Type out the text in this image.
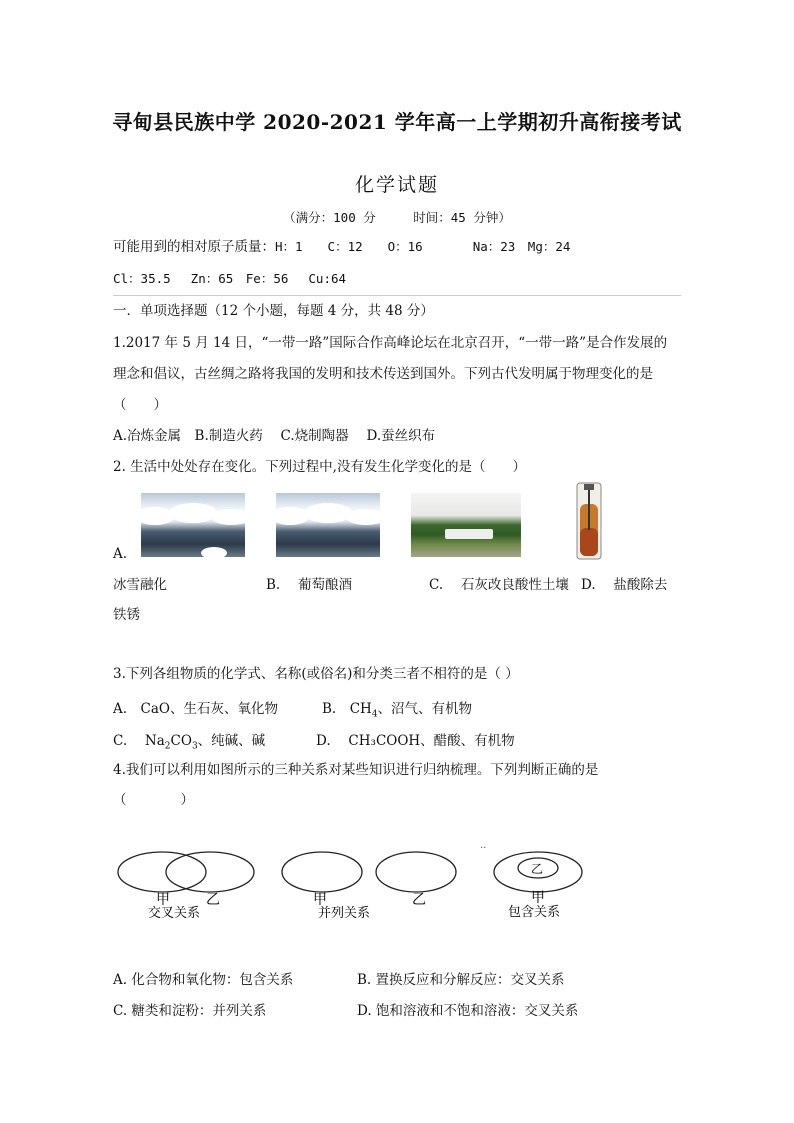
寻甸县民族中学 2020-2021 学年高一上学期初升高衔接考试
化学试题
（满分：100 分　　　时间：45 分钟）
可能用到的相对原子质量：H：1　　C：12　　O：16　　　　Na：23　Mg：24
Cl：35.5　 Zn：65　Fe：56　 Cu:64
一．单项选择题（12 个小题，每题 4 分，共 48 分）
1.2017 年 5 月 14 日，“一带一路”国际合作高峰论坛在北京召开，“一带一路”是合作发展的
理念和倡议，古丝绸之路将我国的发明和技术传送到国外。下列古代发明属于物理变化的是
（　　）
A.冶炼金属　B.制造火药　 C.烧制陶器　 D.蚕丝织布
2. 生活中处处存在变化。下列过程中,没有发生化学变化的是（　　）
A.
冰雪融化	B.　 葡萄酿酒	C.　 石灰改良酸性土壤 D.　 盐酸除去
铁锈
3.下列各组物质的化学式、名称(或俗名)和分类三者不相符的是（ ）
A.　CaO、生石灰、氧化物	B.　$CH_4$、沼气、有机物
C.　 $Na_2CO_3$、纯碱、碱	D.　 CH₃COOH、醋酸、有机物
4.我们可以利用如图所示的三种关系对某些知识进行归纳梳理。下列判断正确的是
（　　　　）
甲	乙
交叉关系
甲	乙
并列关系
乙
甲
包含关系
..
A. 化合物和氧化物：包含关系	B. 置换反应和分解反应：交叉关系
C. 糖类和淀粉：并列关系	D. 饱和溶液和不饱和溶液：交叉关系
